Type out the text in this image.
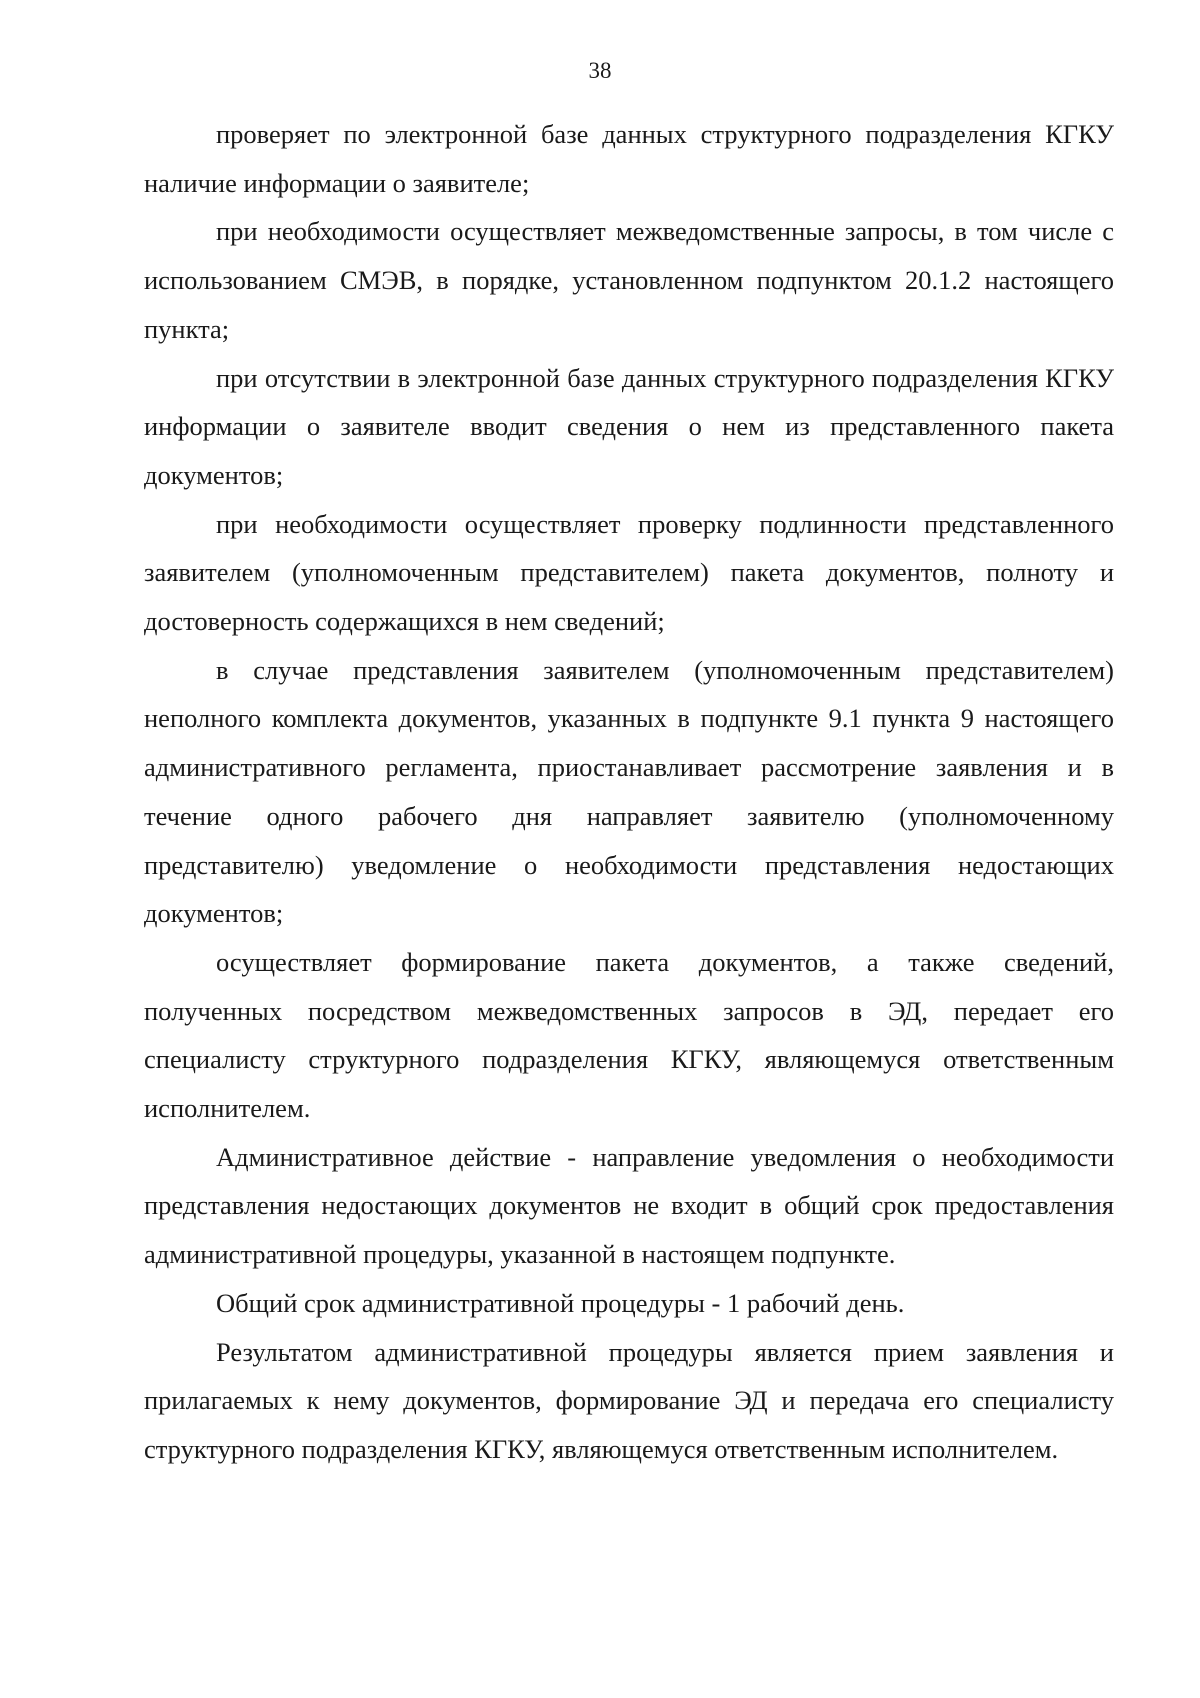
38

проверяет по электронной базе данных структурного подразделения КГКУ наличие информации о заявителе;

при необходимости осуществляет межведомственные запросы, в том числе с использованием СМЭВ, в порядке, установленном подпунктом 20.1.2 настоящего пункта;

при отсутствии в электронной базе данных структурного подразделения КГКУ информации о заявителе вводит сведения о нем из представленного пакета документов;

при необходимости осуществляет проверку подлинности представленного заявителем (уполномоченным представителем) пакета документов, полноту и достоверность содержащихся в нем сведений;

в случае представления заявителем (уполномоченным представителем) неполного комплекта документов, указанных в подпункте 9.1 пункта 9 настоящего административного регламента, приостанавливает рассмотрение заявления и в течение одного рабочего дня направляет заявителю (уполномоченному представителю) уведомление о необходимости представления недостающих документов;

осуществляет формирование пакета документов, а также сведений, полученных посредством межведомственных запросов в ЭД, передает его специалисту структурного подразделения КГКУ, являющемуся ответственным исполнителем.

Административное действие - направление уведомления о необходимости представления недостающих документов не входит в общий срок предоставления административной процедуры, указанной в настоящем подпункте.

Общий срок административной процедуры - 1 рабочий день.

Результатом административной процедуры является прием заявления и прилагаемых к нему документов, формирование ЭД и передача его специалисту структурного подразделения КГКУ, являющемуся ответственным исполнителем.
